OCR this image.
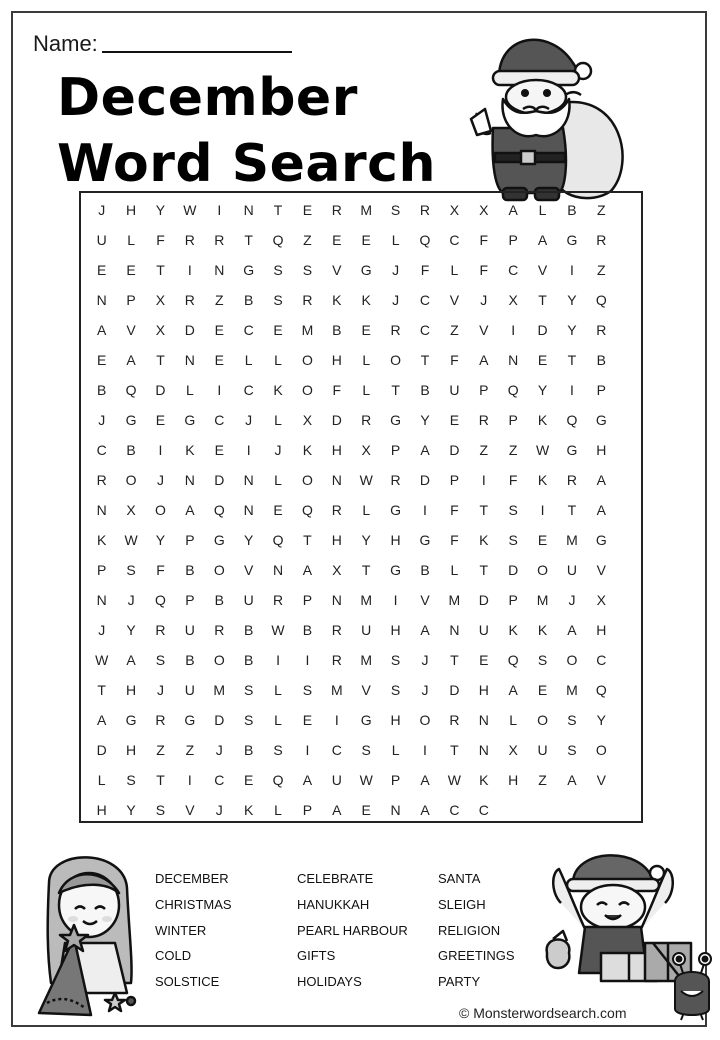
Name:
December
Word Search
J	H	Y	W	I	N	T	E	R	M	S	R	X	X	A	L	B	Z
U	L	F	R	R	T	Q	Z	E	E	L	Q	C	F	P	A	G	R
E	E	T	I	N	G	S	S	V	G	J	F	L	F	C	V	I	Z
N	P	X	R	Z	B	S	R	K	K	J	C	V	J	X	T	Y	Q
A	V	X	D	E	C	E	M	B	E	R	C	Z	V	I	D	Y	R
E	A	T	N	E	L	L	O	H	L	O	T	F	A	N	E	T	B
B	Q	D	L	I	C	K	O	F	L	T	B	U	P	Q	Y	I	P
J	G	E	G	C	J	L	X	D	R	G	Y	E	R	P	K	Q	G
C	B	I	K	E	I	J	K	H	X	P	A	D	Z	Z	W	G	H
R	O	J	N	D	N	L	O	N	W	R	D	P	I	F	K	R	A
N	X	O	A	Q	N	E	Q	R	L	G	I	F	T	S	I	T	A
K	W	Y	P	G	Y	Q	T	H	Y	H	G	F	K	S	E	M	G
P	S	F	B	O	V	N	A	X	T	G	B	L	T	D	O	U	V
N	J	Q	P	B	U	R	P	N	M	I	V	M	D	P	M	J	X
J	Y	R	U	R	B	W	B	R	U	H	A	N	U	K	K	A	H
W	A	S	B	O	B	I	I	R	M	S	J	T	E	Q	S	O	C
T	H	J	U	M	S	L	S	M	V	S	J	D	H	A	E	M	Q
A	G	R	G	D	S	L	E	I	G	H	O	R	N	L	O	S	Y
D	H	Z	Z	J	B	S	I	C	S	L	I	T	N	X	U	S	O
L	S	T	I	C	E	Q	A	U	W	P	A	W	K	H	Z	A	V
H	Y	S	V	J	K	L	P	A	E	N	A	C	C
DECEMBER	CELEBRATE	SANTA
CHRISTMAS	HANUKKAH	SLEIGH
WINTER	PEARL HARBOUR	RELIGION
COLD	GIFTS	GREETINGS
SOLSTICE	HOLIDAYS	PARTY
© Monsterwordsearch.com
